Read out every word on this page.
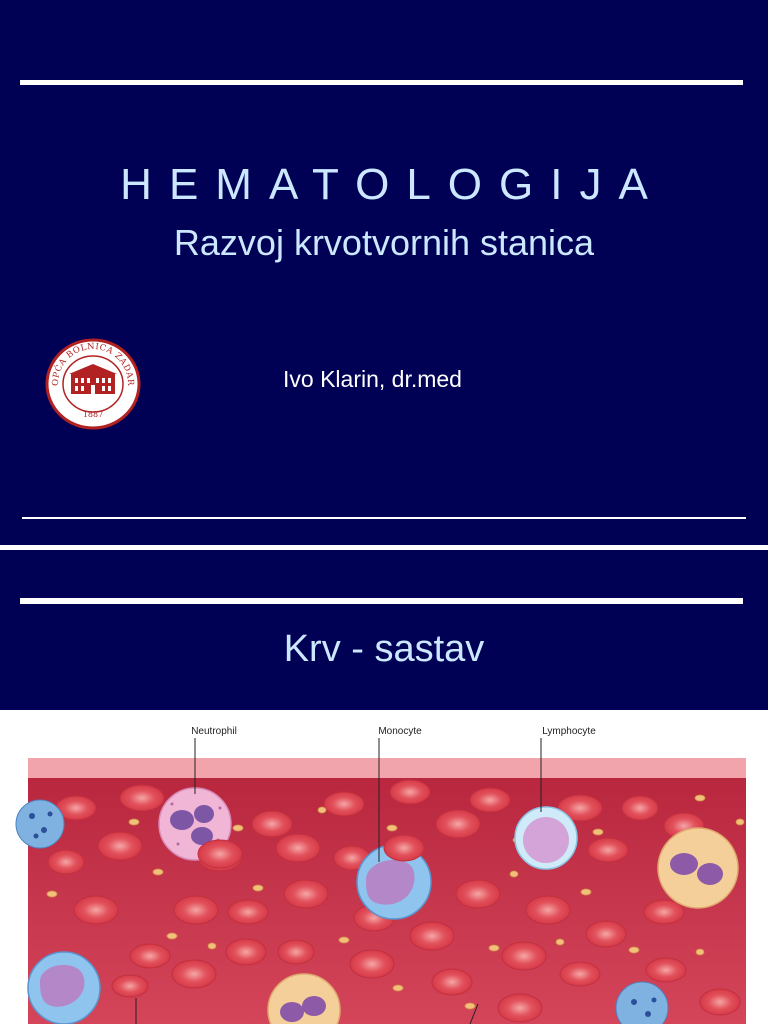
HEMATOLOGIJA
Razvoj krvotvornih stanica
OPĆA BOLNICA ZADAR
1887
Ivo Klarin, dr.med
Krv - sastav
Neutrophil	Monocyte	Lymphocyte
